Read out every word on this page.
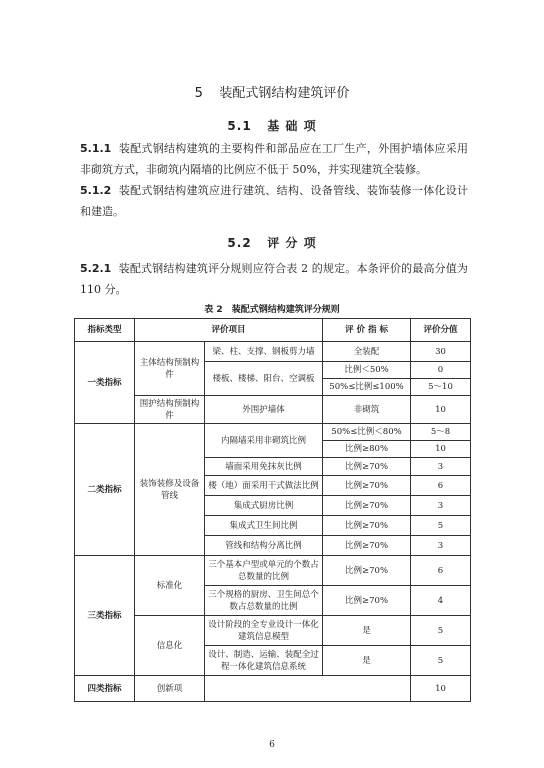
5 装配式钢结构建筑评价
5.1 基 础 项
5.1.1 装配式钢结构建筑的主要构件和部品应在工厂生产，外围护墙体应采用非砌筑方式，非砌筑内隔墙的比例应不低于 50%，并实现建筑全装修。
5.1.2 装配式钢结构建筑应进行建筑、结构、设备管线、装饰装修一体化设计和建造。
5.2 评 分 项
5.2.1 装配式钢结构建筑评分规则应符合表 2 的规定。本条评价的最高分值为 110 分。
表 2　装配式钢结构建筑评分规则
指标类型	评价项目		评 价 指 标	评价分值
一类指标	主体结构预制构件	梁、柱、支撑、钢板剪力墙	全装配	30
		楼板、楼梯、阳台、空调板	比例＜50%	0
			50%≤比例≤100%	5～10
	围护结构预制构件	外围护墙体	非砌筑	10
二类指标	装饰装修及设备管线	内隔墙采用非砌筑比例	50%≤比例＜80%	5～8
			比例≥80%	10
		墙面采用免抹灰比例	比例≥70%	3
		楼（地）面采用干式做法比例	比例≥70%	6
		集成式厨房比例	比例≥70%	3
		集成式卫生间比例	比例≥70%	5
		管线和结构分离比例	比例≥70%	3
三类指标	标准化	三个基本户型或单元的个数占总数量的比例	比例≥70%	6
		三个规格的厨房、卫生间总个数占总数量的比例	比例≥70%	4
	信息化	设计阶段的全专业设计一体化建筑信息模型	是	5
		设计、制造、运输、装配全过程一体化建筑信息系统	是	5
四类指标	创新项			10
6
